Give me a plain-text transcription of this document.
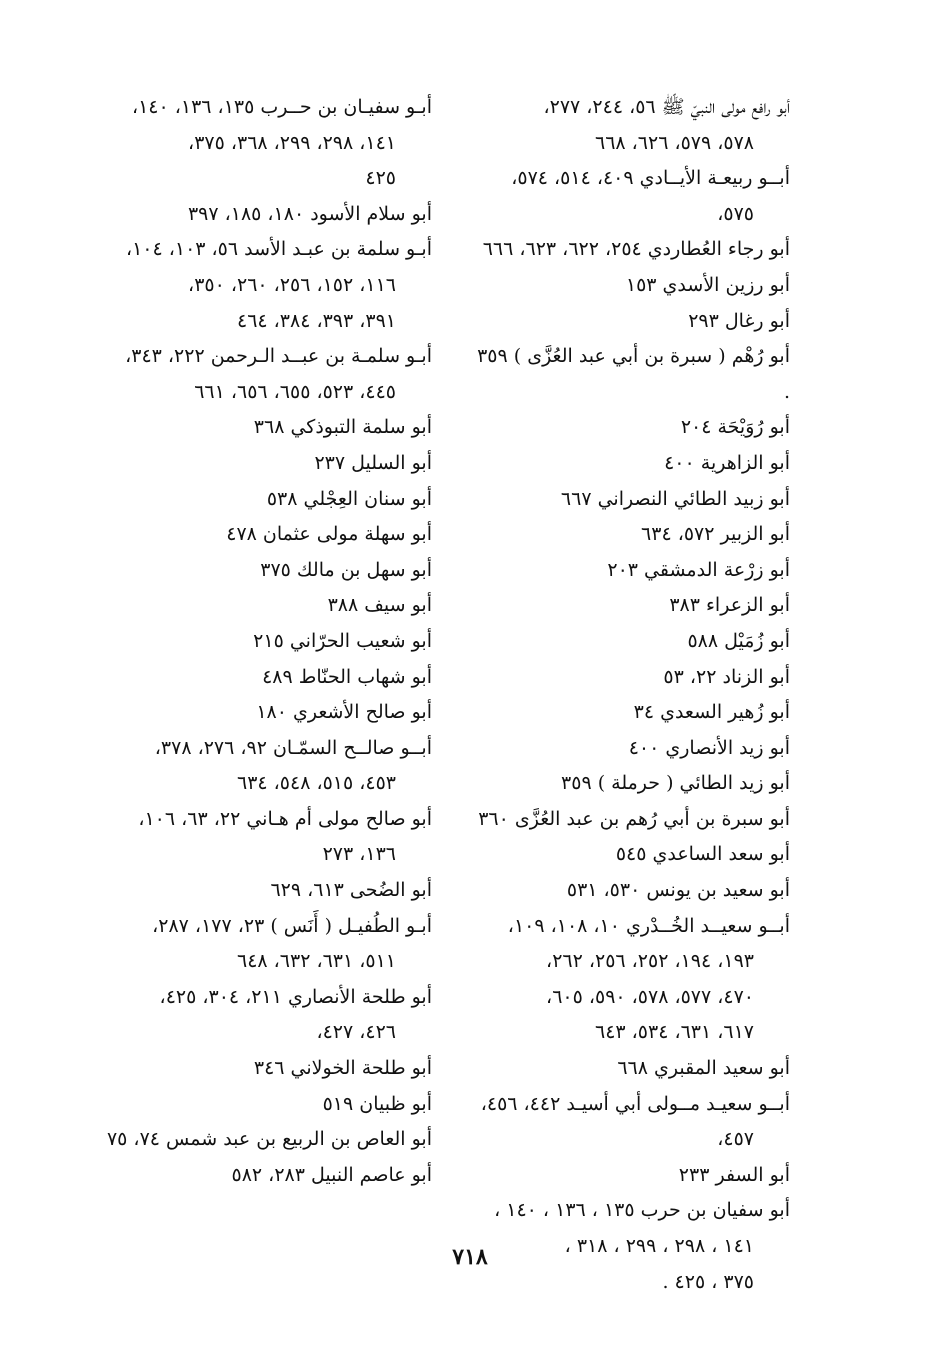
أبو رافع مولى النبيّ ﷺ ٥٦، ٢٤٤، ٢٧٧،
٥٧٨، ٥٧٩، ٦٢٦، ٦٦٨
أبــو ربيعـة الأيــادي ٤٠٩، ٥١٤، ٥٧٤،
٥٧٥،
أبو رجاء العُطاردي ٢٥٤، ٦٢٢، ٦٢٣، ٦٦٦
أبو رزين الأسدي ١٥٣
أبو رغال ٢٩٣
أبو رُهْم ( سبرة بن أبي عبد العُزَّى ) ٣٥٩ .
أبو رُوَيْحَة ٢٠٤
أبو الزاهرية ٤٠٠
أبو زبيد الطائي النصراني ٦٦٧
أبو الزبير ٥٧٢، ٦٣٤
أبو زرْعة الدمشقي ٢٠٣
أبو الزعراء ٣٨٣
أبو زُمَيْل ٥٨٨
أبو الزناد ٢٢، ٥٣
أبو زُهير السعدي ٣٤
أبو زيد الأنصاري ٤٠٠
أبو زيد الطائي ( حرملة ) ٣٥٩
أبو سبرة بن أبي رُهم بن عبد العُزَّى ٣٦٠
أبو سعد الساعدي ٥٤٥
أبو سعيد بن يونس ٥٣٠، ٥٣١
أبــو سعيــد الخُــدْري ١٠، ١٠٨، ١٠٩،
١٩٣، ١٩٤، ٢٥٢، ٢٥٦، ٢٦٢،
٤٧٠، ٥٧٧، ٥٧٨، ٥٩٠، ٦٠٥،
٦١٧، ٦٣١، ٥٣٤، ٦٤٣
أبو سعيد المقبري ٦٦٨
أبــو سعيـد مــولى أبي أسيـد ٤٤٢، ٤٥٦،
٤٥٧،
أبو السفر ٢٣٣
أبو سفيان بن حرب ١٣٥ ، ١٣٦ ، ١٤٠ ،
١٤١ ، ٢٩٨ ، ٢٩٩ ، ٣١٨ ،
٣٧٥ ، ٤٢٥ .
أبـو سفيـان بن حــرب ١٣٥، ١٣٦، ١٤٠،
١٤١، ٢٩٨، ٢٩٩، ٣٦٨، ٣٧٥،
٤٢٥
أبو سلام الأسود ١٨٠، ١٨٥، ٣٩٧
أبـو سلمة بن عبـد الأسد ٥٦، ١٠٣، ١٠٤،
١١٦، ١٥٢، ٢٥٦، ٢٦٠، ٣٥٠،
٣٩١، ٣٩٣، ٣٨٤، ٤٦٤
أبـو سلمـة بن عبــد الـرحمن ٢٢٢، ٣٤٣،
٤٤٥، ٥٢٣، ٦٥٥، ٦٥٦، ٦٦١
أبو سلمة التبوذكي ٣٦٨
أبو السليل ٢٣٧
أبو سنان العِجْلي ٥٣٨
أبو سهلة مولى عثمان ٤٧٨
أبو سهل بن مالك ٣٧٥
أبو سيف ٣٨٨
أبو شعيب الحرّاني ٢١٥
أبو شهاب الحنّاط ٤٨٩
أبو صالح الأشعري ١٨٠
أبــو صالــح السمّـان ٩٢، ٢٧٦، ٣٧٨،
٤٥٣، ٥١٥، ٥٤٨، ٦٣٤
أبو صالح مولى أم هـاني ٢٢، ٦٣، ١٠٦،
١٣٦، ٢٧٣
أبو الضُحى ٦١٣، ٦٢٩
أبـو الطُفيـل ( أَنَس ) ٢٣، ١٧٧، ٢٨٧،
٥١١، ٦٣١، ٦٣٢، ٦٤٨
أبو طلحة الأنصاري ٢١١، ٣٠٤، ٤٢٥،
٤٢٦، ٤٢٧،
أبو طلحة الخولاني ٣٤٦
أبو ظبيان ٥١٩
أبو العاص بن الربيع بن عبد شمس ٧٤، ٧٥
أبو عاصم النبيل ٢٨٣، ٥٨٢
٧١٨
